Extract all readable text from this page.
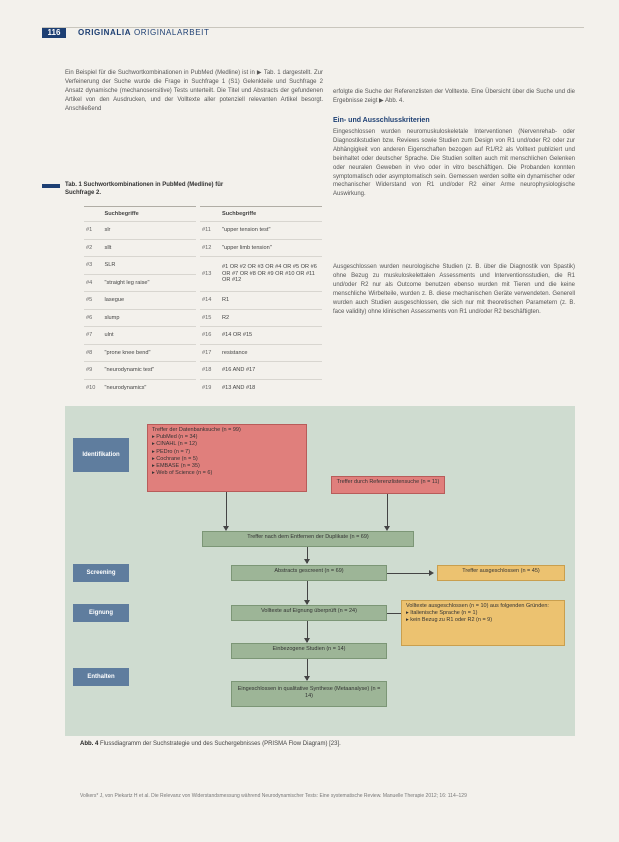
116	ORIGINALIA ORIGINALARBEIT
Ein Beispiel für die Suchwortkombinationen in PubMed (Medline) ist in ▶ Tab. 1 dargestellt. Zur Verfeinerung der Suche wurde die Frage in Suchfrage 1 (S1) Gelenkteile und Suchfrage 2 Ansatz dynamische (mechanosensitive) Tests unterteilt. Die Titel und Abstracts der gefundenen Artikel von den Ausdrucken, und der Volltexte aller potenziell relevanten Artikel besorgt. Anschließend
erfolgte die Suche der Referenzlisten der Volltexte. Eine Übersicht über die Suche und die Ergebnisse zeigt ▶ Abb. 4.
Ein- und Ausschlusskriterien
Eingeschlossen wurden neuromuskuloskeletale Interventionen (Nervenrehab- oder Diagnostikstudien bzw. Reviews sowie Studien zum Design von R1 und/oder R2 oder zur Abhängigkeit von anderen Eigenschaften bezogen auf R1/R2 als Volltext publiziert und beinhaltet oder deutscher Sprache. Die Studien sollten auch mit menschlichen Gelenken oder neuralen Geweben in vivo oder in vitro beschäftigen. Die Probanden konnten symptomatisch oder asymptomatisch sein. Gemessen werden sollte ein dynamischer oder mechanischer Widerstand von R1 und/oder R2 einer Arme neurophysiologische Auswirkung.
Ausgeschlossen wurden neurologische Studien (z. B. über die Diagnostik von Spastik) ohne Bezug zu muskuloskelettalen Assessments und Interventionsstudien, die R1 und/oder R2 nur als Outcome benutzen ebenso wurden mit Tieren und die keine menschliche Wirbelteile, wurden z. B. diese mechanischen Geräte verwendeten. Generell wurden auch Studien ausgeschlossen, die sich nur mit theoretischen Parametern (z. B. face validity) ohne klinischen Assessments von R1 und/oder R2 beschäftigten.
Tab. 1 Suchwortkombinationen in PubMed (Medline) für
Suchfrage 2.
	Suchbegriffe
#1	slr
#2	sllt
#3	SLR
#4	"straight leg raise"
#5	lasegue
#6	slump
#7	ulnt
#8	"prone knee bend"
#9	"neurodynamic test"
#10	"neurodynamics"
	Suchbegriffe
#11	"upper tension test"
#12	"upper limb tension"
#13	#1 OR #2 OR #3 OR #4 OR #5 OR #6 OR #7 OR #8 OR #9 OR #10 OR #11 OR #12
#14	R1
#15	R2
#16	#14 OR #15
#17	resistance
#18	#16 AND #17
#19	#13 AND #18
Identifikation
Screening
Eignung
Enthalten
Treffer der Datenbanksuche (n = 99)
▸ PubMed (n = 34)
▸ CINAHL (n = 12)
▸ PEDro (n = 7)
▸ Cochrane (n = 5)
▸ EMBASE (n = 35)
▸ Web of Science (n = 6)
Treffer durch Referenzlistensuche (n = 11)
Treffer nach dem Entfernen der Duplikate (n = 69)
Abstracts gescreent (n = 69)	Treffer ausgeschlossen (n = 45)
Volltexte auf Eignung überprüft (n = 24)
Volltexte ausgeschlossen (n = 10) aus folgenden Gründen:
▸ Italienische Sprache (n = 1)
▸ kein Bezug zu R1 oder R2 (n = 9)
Einbezogene Studien (n = 14)
Eingeschlossen in qualitative Synthese (Metaanalyse) (n = 14)
Abb. 4 Flussdiagramm der Suchstrategie und des Suchergebnisses (PRISMA Flow Diagram) [23].
Volkers* J, von Piekartz H et al. Die Relevanz von Widerstandsmessung während Neurodynamischer Tests: Eine systematische Review. Manuelle Therapie 2012; 16: 114–129
